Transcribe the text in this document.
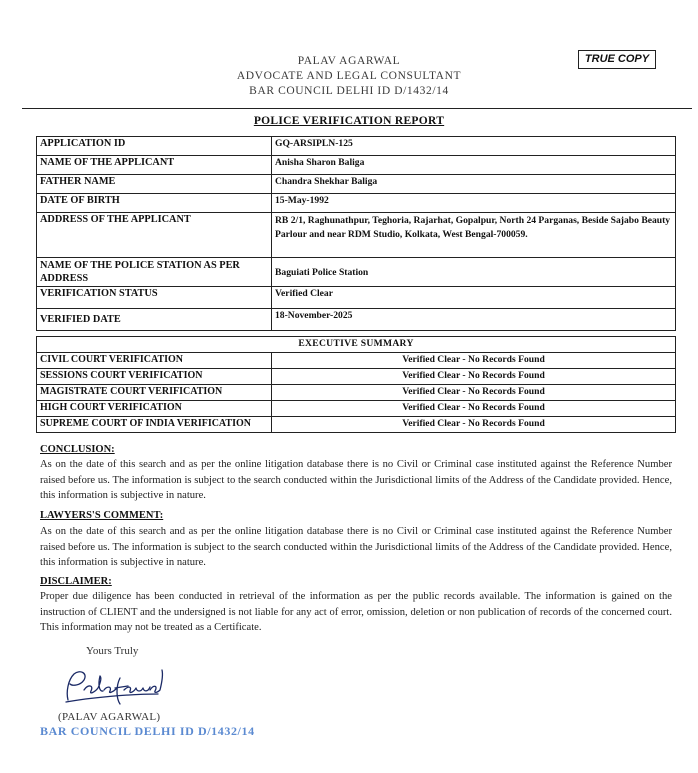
PALAV AGARWAL
ADVOCATE AND LEGAL CONSULTANT
BAR COUNCIL DELHI ID D/1432/14
TRUE COPY
POLICE VERIFICATION REPORT
APPLICATION ID	GQ-ARSIPLN-125
NAME OF THE APPLICANT	Anisha Sharon Baliga
FATHER NAME	Chandra Shekhar Baliga
DATE OF BIRTH	15-May-1992
ADDRESS OF THE APPLICANT	RB 2/1, Raghunathpur, Teghoria, Rajarhat, Gopalpur, North 24 Parganas, Beside Sajabo Beauty Parlour and near RDM Studio, Kolkata, West Bengal-700059.
NAME OF THE POLICE STATION AS PER ADDRESS	Baguiati Police Station
VERIFICATION STATUS	Verified Clear
VERIFIED DATE	18-November-2025
EXECUTIVE SUMMARY	
CIVIL COURT VERIFICATION	Verified Clear - No Records Found
SESSIONS COURT VERIFICATION	Verified Clear - No Records Found
MAGISTRATE COURT VERIFICATION	Verified Clear - No Records Found
HIGH COURT VERIFICATION	Verified Clear - No Records Found
SUPREME COURT OF INDIA VERIFICATION	Verified Clear - No Records Found
CONCLUSION:
As on the date of this search and as per the online litigation database there is no Civil or Criminal case instituted against the Reference Number raised before us. The information is subject to the search conducted within the Jurisdictional limits of the Address of the Candidate provided. Hence, this information is subjective in nature.
LAWYERS'S COMMENT:
As on the date of this search and as per the online litigation database there is no Civil or Criminal case instituted against the Reference Number raised before us. The information is subject to the search conducted within the Jurisdictional limits of the Address of the Candidate provided. Hence, this information is subjective in nature.
DISCLAIMER:
Proper due diligence has been conducted in retrieval of the information as per the public records available. The information is gained on the instruction of CLIENT and the undersigned is not liable for any act of error, omission, deletion or non publication of records of the concerned court. This information may not be treated as a Certificate.
Yours Truly
(PALAV AGARWAL)
BAR COUNCIL DELHI ID D/1432/14
